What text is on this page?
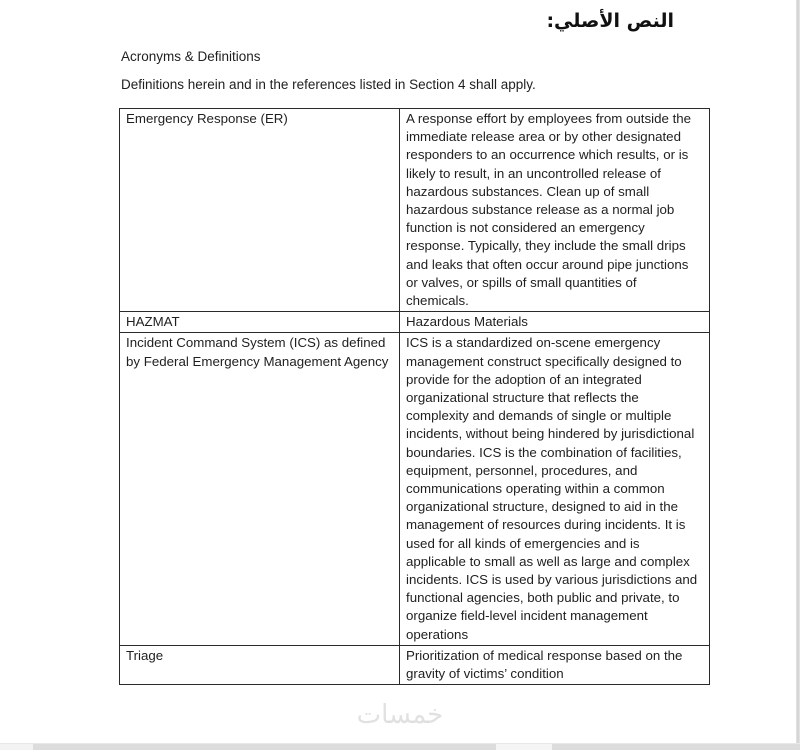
النص الأصلي:
Acronyms & Definitions
Definitions herein and in the references listed in Section 4 shall apply.
Emergency Response (ER)	A response effort by employees from outside the immediate release area or by other designated responders to an occurrence which results, or is likely to result, in an uncontrolled release of hazardous substances. Clean up of small hazardous substance release as a normal job function is not considered an emergency response. Typically, they include the small drips and leaks that often occur around pipe junctions or valves, or spills of small quantities of chemicals.
HAZMAT	Hazardous Materials
Incident Command System (ICS) as defined by Federal Emergency Management Agency	ICS is a standardized on-scene emergency management construct specifically designed to provide for the adoption of an integrated organizational structure that reflects the complexity and demands of single or multiple incidents, without being hindered by jurisdictional boundaries. ICS is the combination of facilities, equipment, personnel, procedures, and communications operating within a common organizational structure, designed to aid in the management of resources during incidents. It is used for all kinds of emergencies and is applicable to small as well as large and complex incidents. ICS is used by various jurisdictions and functional agencies, both public and private, to organize field-level incident management operations
Triage	Prioritization of medical response based on the gravity of victims’ condition
خمسات
